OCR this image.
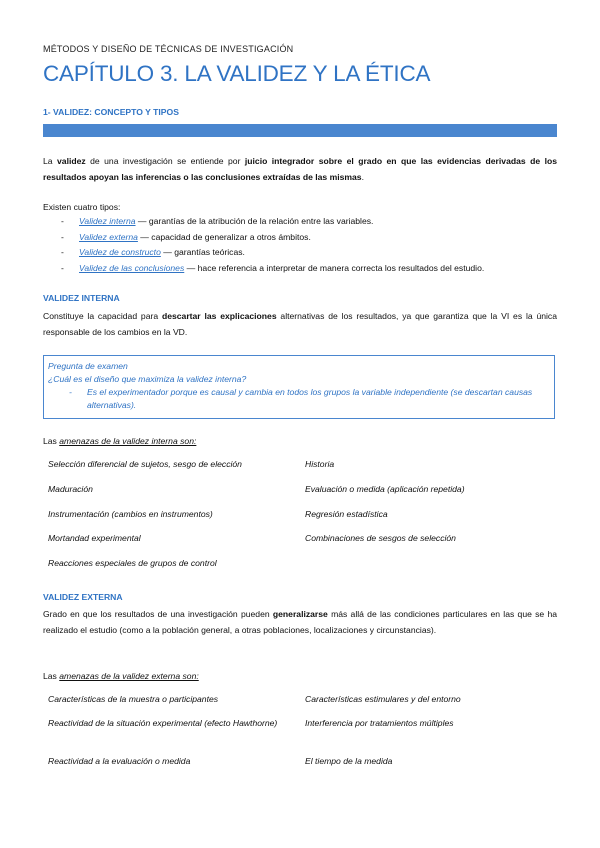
MÉTODOS Y DISEÑO DE TÉCNICAS DE INVESTIGACIÓN
CAPÍTULO 3. LA VALIDEZ Y LA ÉTICA
1- VALIDEZ: CONCEPTO Y TIPOS
La validez de una investigación se entiende por juicio integrador sobre el grado en que las evidencias derivadas de los resultados apoyan las inferencias o las conclusiones extraídas de las mismas.
Existen cuatro tipos:
- Validez interna — garantías de la atribución de la relación entre las variables.
- Validez externa — capacidad de generalizar a otros ámbitos.
- Validez de constructo — garantías teóricas.
- Validez de las conclusiones — hace referencia a interpretar de manera correcta los resultados del estudio.
VALIDEZ INTERNA
Constituye la capacidad para descartar las explicaciones alternativas de los resultados, ya que garantiza que la VI es la única responsable de los cambios en la VD.
Pregunta de examen
¿Cuál es el diseño que maximiza la validez interna?
- Es el experimentador porque es causal y cambia en todos los grupos la variable independiente (se descartan causas alternativas).
Las amenazas de la validez interna son:
Selección diferencial de sujetos, sesgo de elección	Historia
Maduración	Evaluación o medida (aplicación repetida)
Instrumentación (cambios en instrumentos)	Regresión estadística
Mortandad experimental	Combinaciones de sesgos de selección
Reacciones especiales de grupos de control
VALIDEZ EXTERNA
Grado en que los resultados de una investigación pueden generalizarse más allá de las condiciones particulares en las que se ha realizado el estudio (como a la población general, a otras poblaciones, localizaciones y circunstancias).
Las amenazas de la validez externa son:
Características de la muestra o participantes	Características estimulares y del entorno
Reactividad de la situación experimental (efecto Hawthorne)	Interferencia por tratamientos múltiples
Reactividad a la evaluación o medida	El tiempo de la medida
